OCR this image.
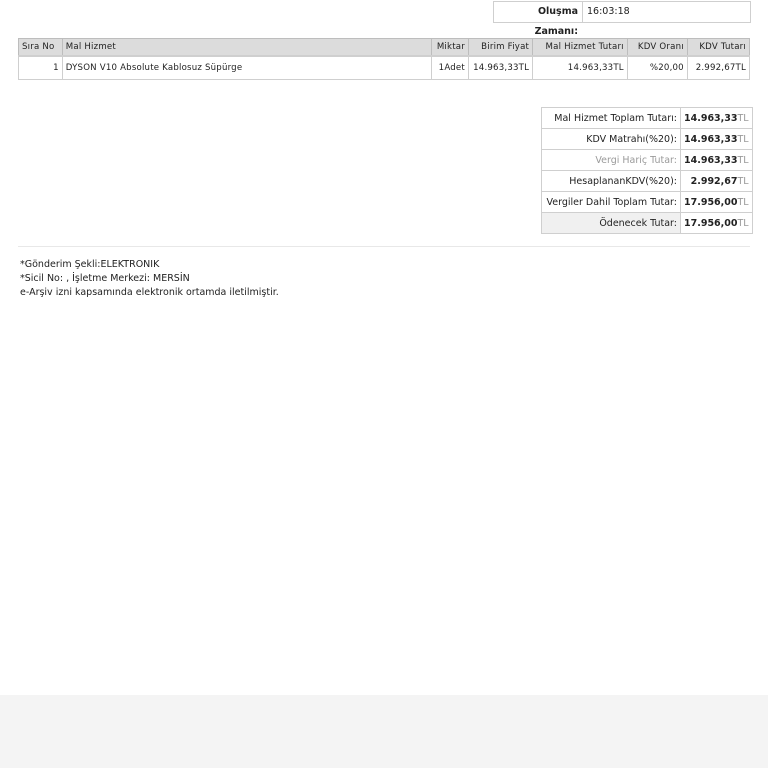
Oluşma Zamanı:
16:03:18
Sıra No	Mal Hizmet	Miktar	Birim Fiyat	Mal Hizmet Tutarı	KDV Oranı	KDV Tutarı
1	DYSON V10 Absolute Kablosuz Süpürge	1Adet	14.963,33TL	14.963,33TL	%20,00	2.992,67TL
Mal Hizmet Toplam Tutarı:	14.963,33TL
KDV Matrahı(%20):	14.963,33TL
Vergi Hariç Tutar:	14.963,33TL
HesaplananKDV(%20):	2.992,67TL
Vergiler Dahil Toplam Tutar:	17.956,00TL
Ödenecek Tutar:	17.956,00TL
*Gönderim Şekli:ELEKTRONIK
*Sicil No: , İşletme Merkezi: MERSİN
e-Arşiv izni kapsamında elektronik ortamda iletilmiştir.
